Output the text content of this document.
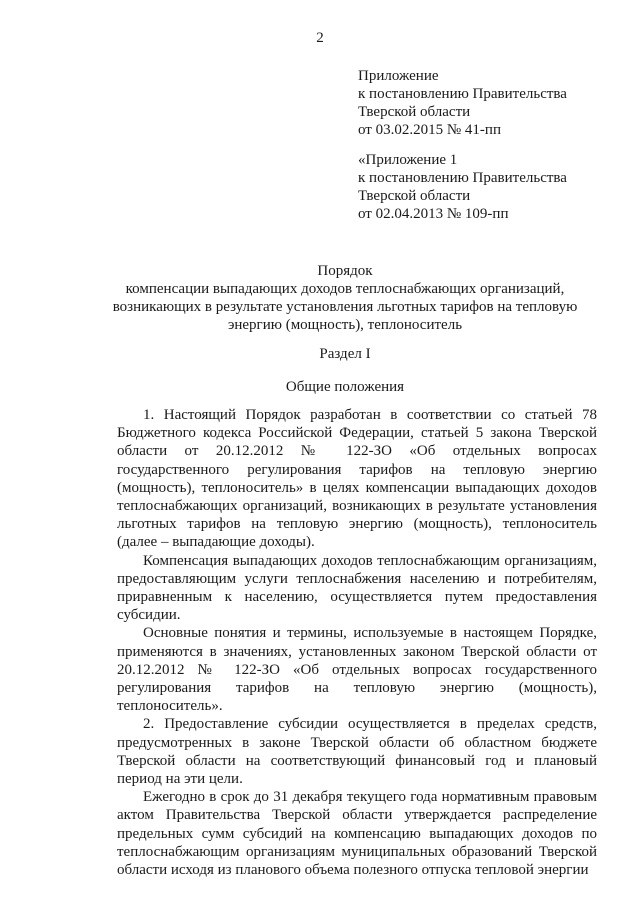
2
Приложение
к постановлению Правительства
Тверской области
от 03.02.2015 № 41-пп
«Приложение 1
к постановлению Правительства
Тверской области
от 02.04.2013 № 109-пп
Порядок
компенсации выпадающих доходов теплоснабжающих организаций,
возникающих в результате установления льготных тарифов на тепловую
энергию (мощность), теплоноситель
Раздел I
Общие положения

1. Настоящий Порядок разработан в соответствии со статьей 78 Бюджетного кодекса Российской Федерации, статьей 5 закона Тверской области от 20.12.2012 № 122-ЗО «Об отдельных вопросах государственного регулирования тарифов на тепловую энергию (мощность), теплоноситель» в целях компенсации выпадающих доходов теплоснабжающих организаций, возникающих в результате установления льготных тарифов на тепловую энергию (мощность), теплоноситель (далее – выпадающие доходы).

Компенсация выпадающих доходов теплоснабжающим организациям, предоставляющим услуги теплоснабжения населению и потребителям, приравненным к населению, осуществляется путем предоставления субсидии.

Основные понятия и термины, используемые в настоящем Порядке, применяются в значениях, установленных законом Тверской области от 20.12.2012 № 122-ЗО «Об отдельных вопросах государственного регулирования тарифов на тепловую энергию (мощность), теплоноситель».

2. Предоставление субсидии осуществляется в пределах средств, предусмотренных в законе Тверской области об областном бюджете Тверской области на соответствующий финансовый год и плановый период на эти цели.

Ежегодно в срок до 31 декабря текущего года нормативным правовым актом Правительства Тверской области утверждается распределение предельных сумм субсидий на компенсацию выпадающих доходов по теплоснабжающим организациям муниципальных образований Тверской области исходя из планового объема полезного отпуска тепловой энергии
